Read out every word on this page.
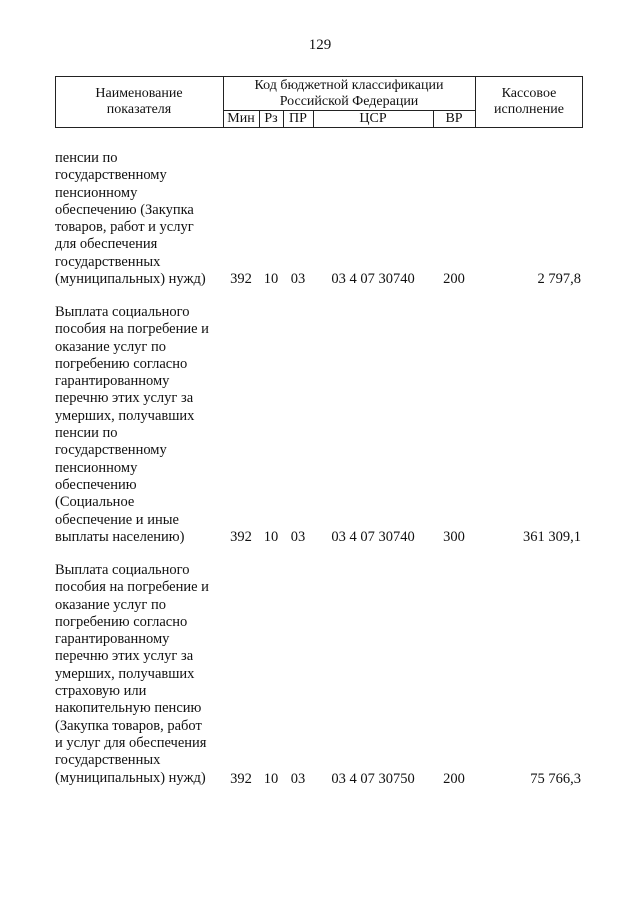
129
Наименование
показателя
Код бюджетной классификации
Российской Федерации
Кассовое
исполнение
Мин Рз ПР	ЦСР	ВР
пенсии по
государственному
пенсионному
обеспечению (Закупка
товаров, работ и услуг
для обеспечения
государственных
(муниципальных) нужд)	392 10 03	03 4 07 30740	200	2 797,8
Выплата социального
пособия на погребение и
оказание услуг по
погребению согласно
гарантированному
перечню этих услуг за
умерших, получавших
пенсии по
государственному
пенсионному
обеспечению
(Социальное
обеспечение и иные
выплаты населению)	392 10 03	03 4 07 30740	300	361 309,1
Выплата социального
пособия на погребение и
оказание услуг по
погребению согласно
гарантированному
перечню этих услуг за
умерших, получавших
страховую или
накопительную пенсию
(Закупка товаров, работ
и услуг для обеспечения
государственных
(муниципальных) нужд)	392 10 03	03 4 07 30750	200	75 766,3
